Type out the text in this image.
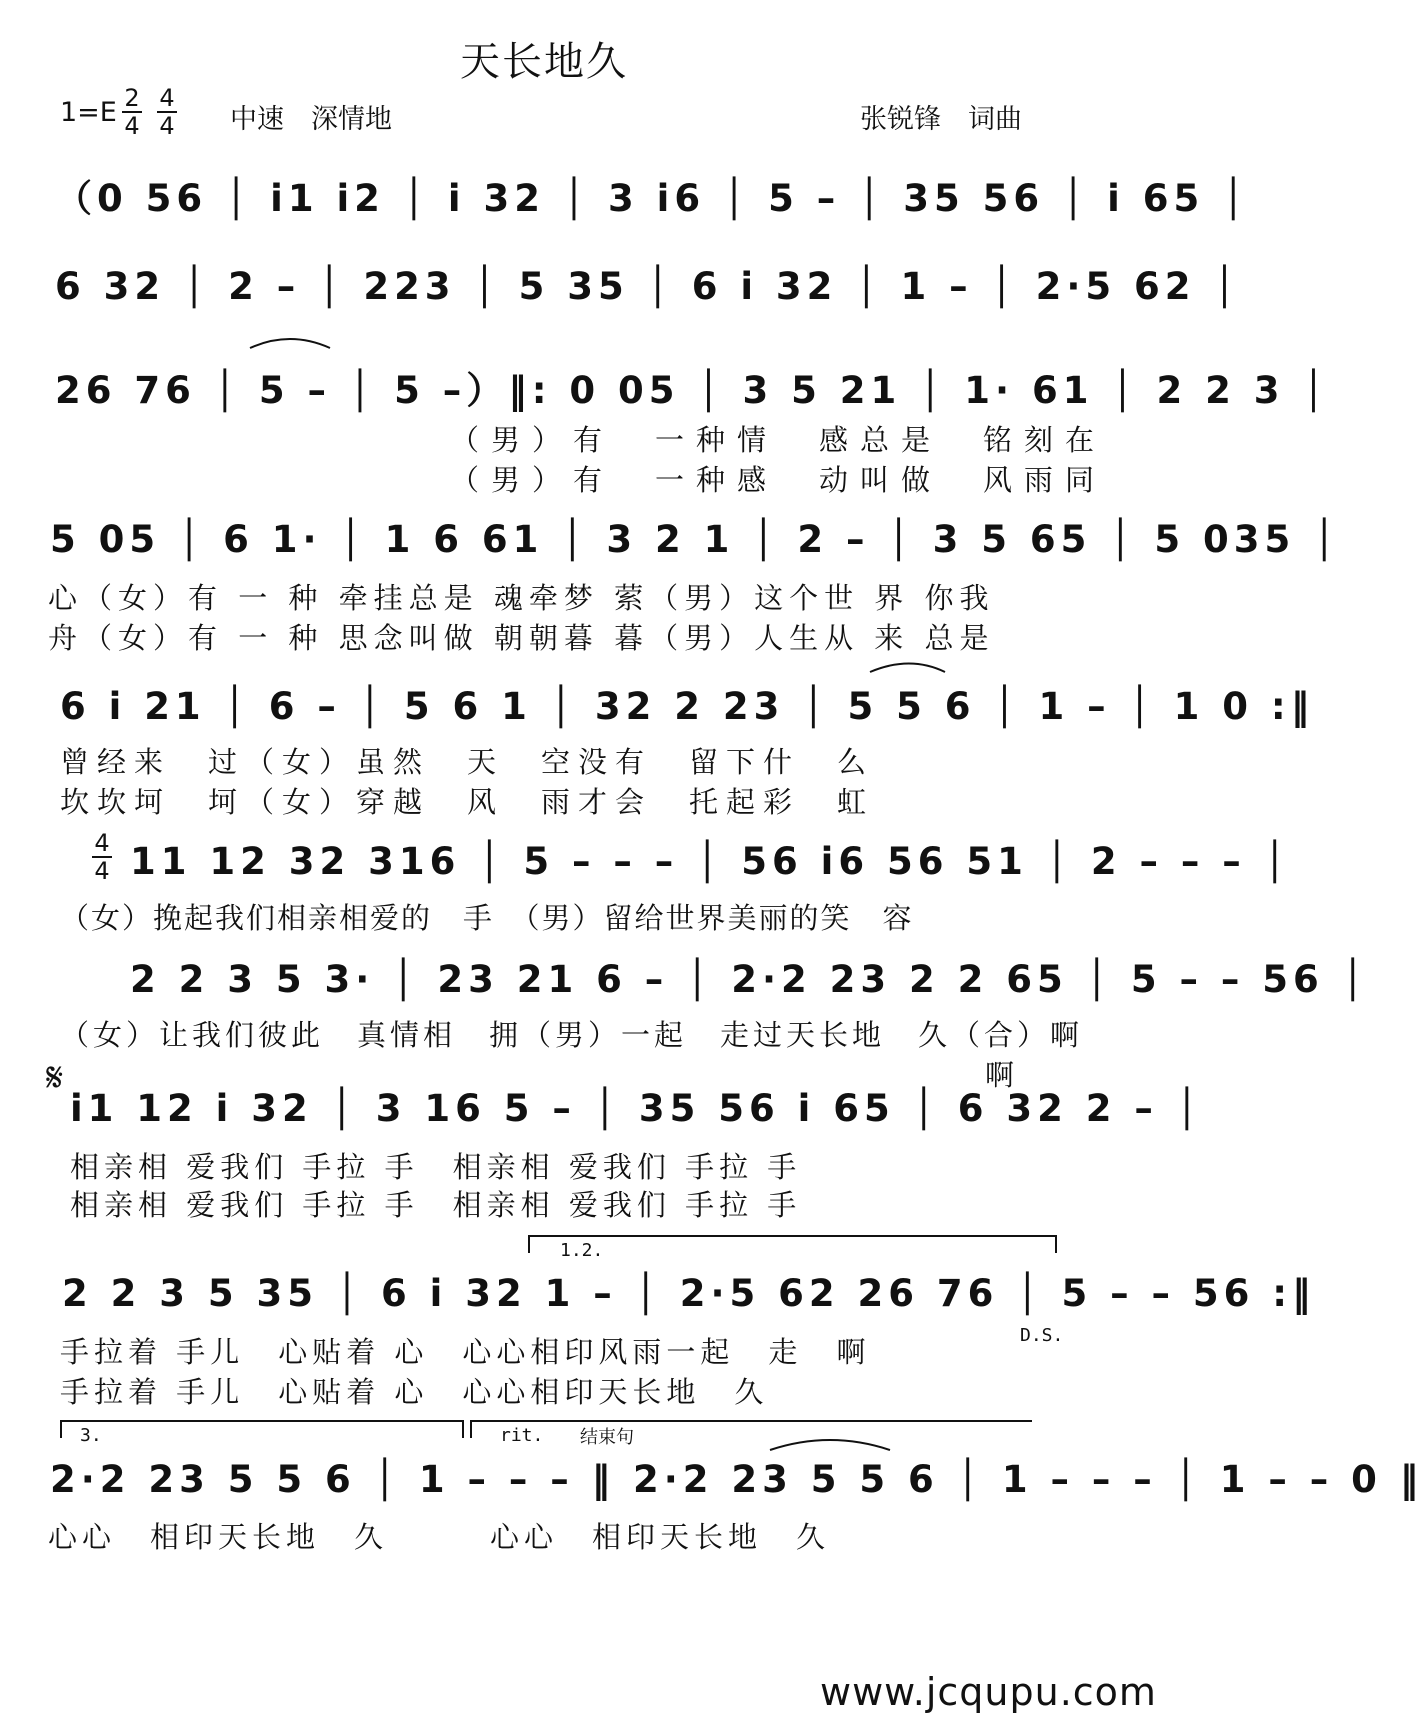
天长地久
1=E 2
4
4
4 中速　深情地	张锐锋　词曲
（0 56 │ i1 i2 │ i 32 │ 3 i6 │ 5 – │ 35 56 │ i 65 │
6 32 │ 2 – │ 223 │ 5 35 │ 6 i 32 │ 1 – │ 2·5 62 │
26 76 │ 5 – │ 5 –）‖: 0 05 │ 3 5 21 │ 1· 61 │ 2 2 3 │
（男）有　一种情　感总是　铭刻在
（男）有　一种感　动叫做　风雨同
5 05 │ 6 1· │ 1 6 61 │ 3 2 1 │ 2 – │ 3 5 65 │ 5 035 │
心（女）有 一 种 牵挂总是 魂牵梦 萦（男）这个世 界 你我
舟（女）有 一 种 思念叫做 朝朝暮 暮（男）人生从 来 总是
6 i 21 │ 6 – │ 5 6 1 │ 32 2 23 │ 5 5 6 │ 1 – │ 1 0 :‖
曾经来　过（女）虽然　天　空没有　留下什　么
坎坎坷　坷（女）穿越　风　雨才会　托起彩　虹
4
4 11 12 32 316 │ 5 – – – │ 56 i6 56 51 │ 2 – – – │
（女）挽起我们相亲相爱的　手　（男）留给世界美丽的笑　容
2 2 3 5 3· │ 23 21 6 – │ 2·2 23 2 2 65 │ 5 – – 56 │
（女）让我们彼此　真情相　拥（男）一起　走过天长地　久（合）啊
啊
𝄋
i1 12 i 32 │ 3 16 5 – │ 35 56 i 65 │ 6 32 2 – │
相亲相 爱我们 手拉 手　相亲相 爱我们 手拉 手
相亲相 爱我们 手拉 手　相亲相 爱我们 手拉 手
1.2.
2 2 3 5 35 │ 6 i 32 1 – │ 2·5 62 26 76 │ 5 – – 56 :‖
手拉着 手儿　心贴着 心　心心相印风雨一起　走　啊
手拉着 手儿　心贴着 心　心心相印天长地　久
D.S.
3.	rit. 结束句
2·2 23 5 5 6 │ 1 – – – ‖ 2·2 23 5 5 6 │ 1 – – – │ 1 – – 0 ‖
心心　相印天长地　久　　　心心　相印天长地　久
www.jcqupu.com
